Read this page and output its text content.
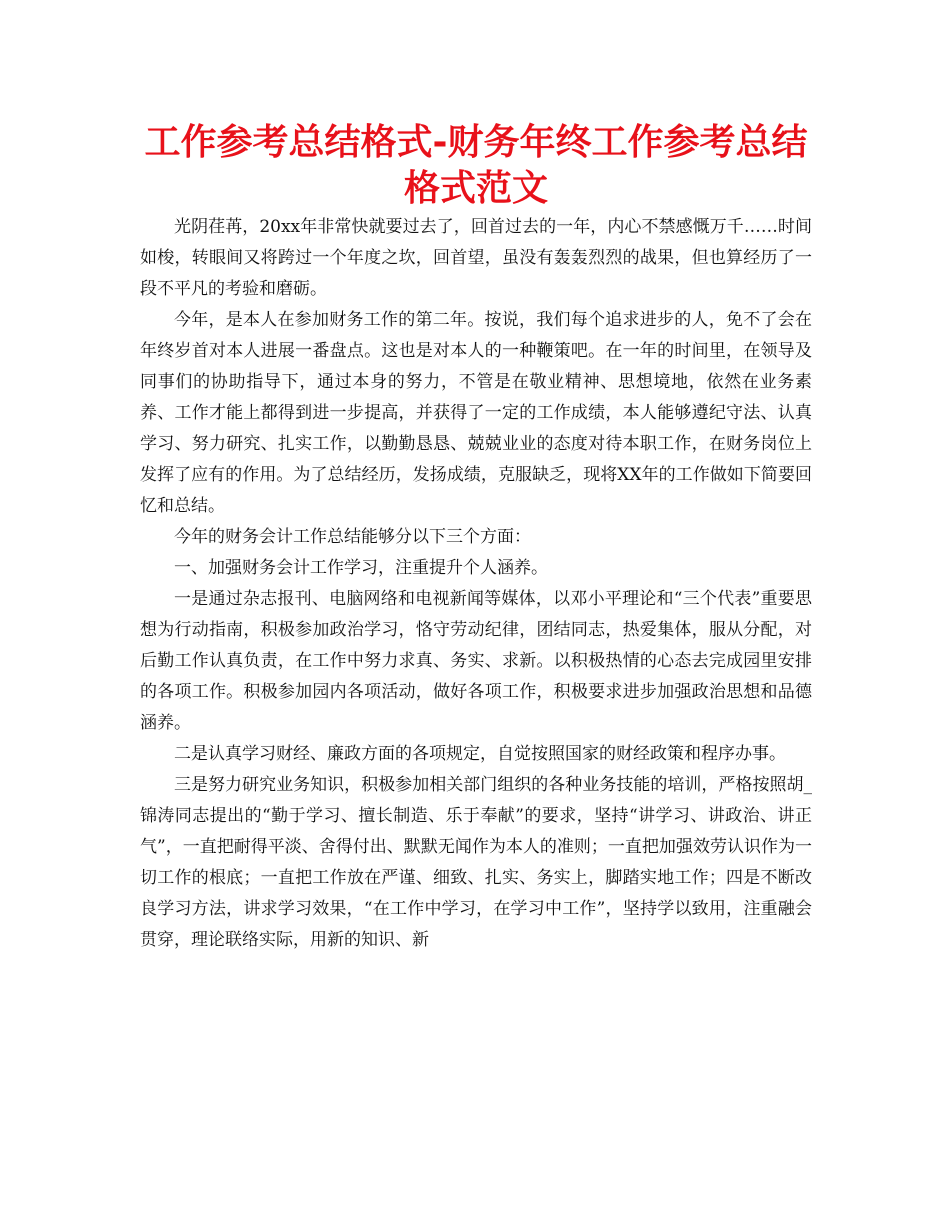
工作参考总结格式-财务年终工作参考总结格式范文

光阴荏苒，20xx年非常快就要过去了，回首过去的一年，内心不禁感慨万千……时间如梭，转眼间又将跨过一个年度之坎，回首望，虽没有轰轰烈烈的战果，但也算经历了一段不平凡的考验和磨砺。

今年，是本人在参加财务工作的第二年。按说，我们每个追求进步的人，免不了会在年终岁首对本人进展一番盘点。这也是对本人的一种鞭策吧。在一年的时间里，在领导及同事们的协助指导下，通过本身的努力，不管是在敬业精神、思想境地，依然在业务素养、工作才能上都得到进一步提高，并获得了一定的工作成绩，本人能够遵纪守法、认真学习、努力研究、扎实工作，以勤勤恳恳、兢兢业业的态度对待本职工作，在财务岗位上发挥了应有的作用。为了总结经历，发扬成绩，克服缺乏，现将XX年的工作做如下简要回忆和总结。

今年的财务会计工作总结能够分以下三个方面：

一、加强财务会计工作学习，注重提升个人涵养。

一是通过杂志报刊、电脑网络和电视新闻等媒体，以邓小平理论和“三个代表”重要思想为行动指南，积极参加政治学习，恪守劳动纪律，团结同志，热爱集体，服从分配，对后勤工作认真负责，在工作中努力求真、务实、求新。以积极热情的心态去完成园里安排的各项工作。积极参加园内各项活动，做好各项工作，积极要求进步加强政治思想和品德涵养。

二是认真学习财经、廉政方面的各项规定，自觉按照国家的财经政策和程序办事。

三是努力研究业务知识，积极参加相关部门组织的各种业务技能的培训，严格按照胡_锦涛同志提出的“勤于学习、擅长制造、乐于奉献”的要求，坚持“讲学习、讲政治、讲正气”，一直把耐得平淡、舍得付出、默默无闻作为本人的准则；一直把加强效劳认识作为一切工作的根底；一直把工作放在严谨、细致、扎实、务实上，脚踏实地工作；四是不断改良学习方法，讲求学习效果，“在工作中学习，在学习中工作”，坚持学以致用，注重融会贯穿，理论联络实际，用新的知识、新
